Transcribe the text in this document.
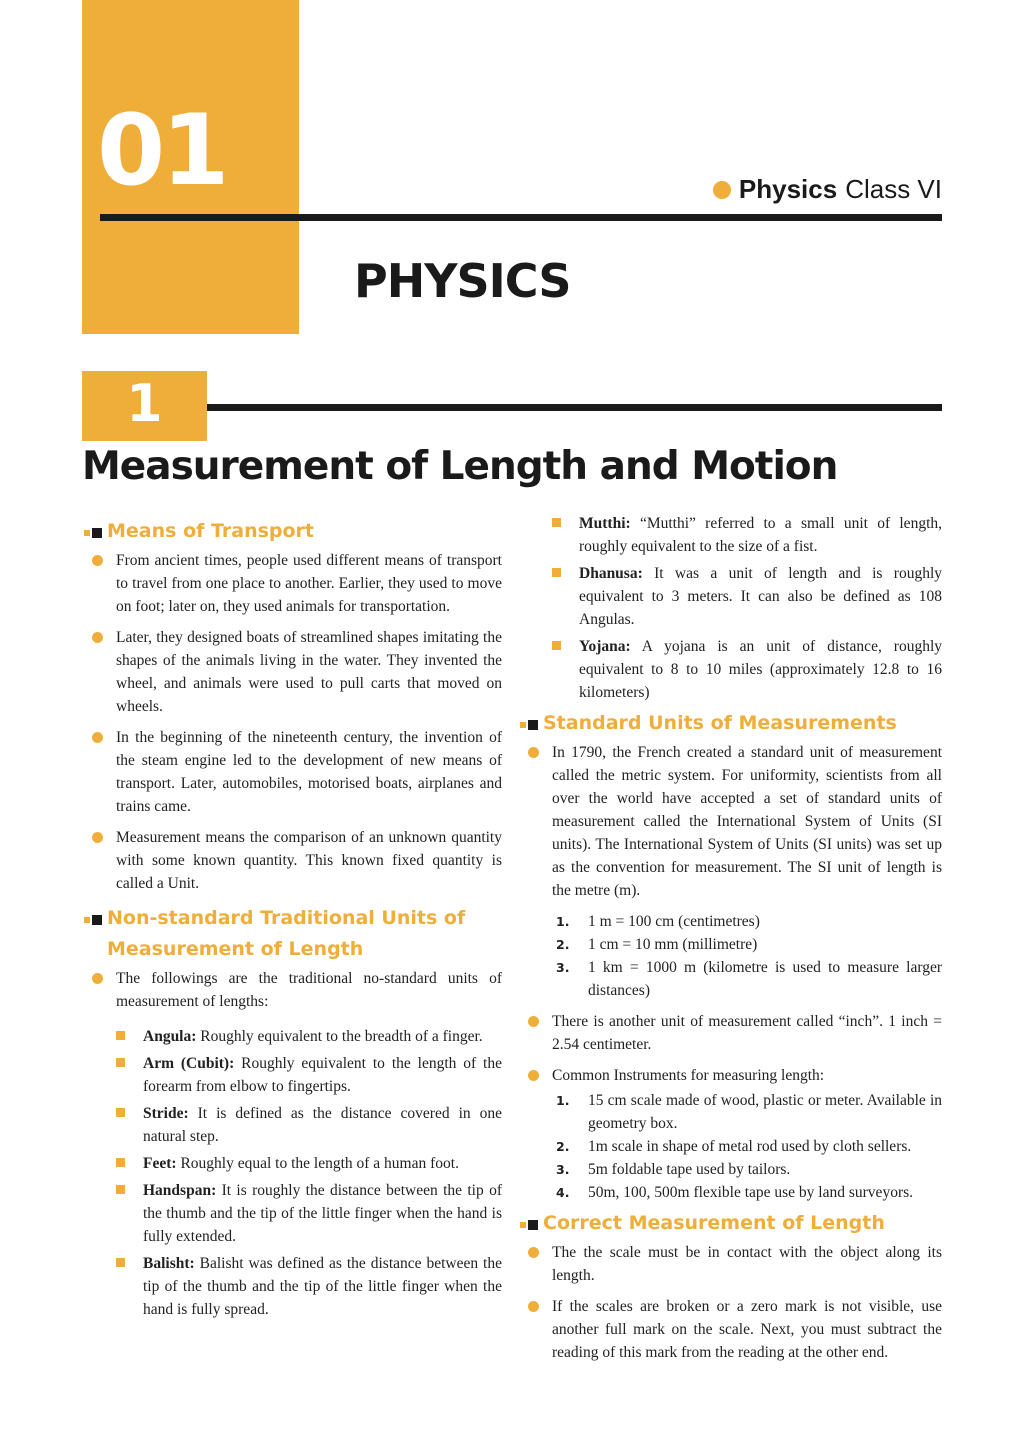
01	Physics Class VI
PHYSICS
1
Measurement of Length and Motion
Means of Transport

From ancient times, people used different means of transport to travel from one place to another. Earlier, they used to move on foot; later on, they used animals for transportation.

Later, they designed boats of streamlined shapes imitating the shapes of the animals living in the water. They invented the wheel, and animals were used to pull carts that moved on wheels.

In the beginning of the nineteenth century, the invention of the steam engine led to the development of new means of transport. Later, automobiles, motorised boats, airplanes and trains came.

Measurement means the comparison of an unknown quantity with some known quantity. This known fixed quantity is called a Unit.

Non-standard Traditional Units of
Measurement of Length

The followings are the traditional no-standard units of measurement of lengths:

Angula: Roughly equivalent to the breadth of a finger.

Arm (Cubit): Roughly equivalent to the length of the forearm from elbow to fingertips.

Stride: It is defined as the distance covered in one natural step.

Feet: Roughly equal to the length of a human foot.

Handspan: It is roughly the distance between the tip of the thumb and the tip of the little finger when the hand is fully extended.

Balisht: Balisht was defined as the distance between the tip of the thumb and the tip of the little finger when the hand is fully spread.

Mutthi: “Mutthi” referred to a small unit of length, roughly equivalent to the size of a fist.

Dhanusa: It was a unit of length and is roughly equivalent to 3 meters. It can also be defined as 108 Angulas.

Yojana: A yojana is an unit of distance, roughly equivalent to 8 to 10 miles (approximately 12.8 to 16 kilometers)

Standard Units of Measurements

In 1790, the French created a standard unit of measurement called the metric system. For uniformity, scientists from all over the world have accepted a set of standard units of measurement called the International System of Units (SI units). The International System of Units (SI units) was set up as the convention for measurement. The SI unit of length is the metre (m).

1. 1 m = 100 cm (centimetres)

2. 1 cm = 10 mm (millimetre)

3. 1 km = 1000 m (kilometre is used to measure larger distances)

There is another unit of measurement called “inch”. 1 inch = 2.54 centimeter.

Common Instruments for measuring length:

1. 15 cm scale made of wood, plastic or meter. Available in geometry box.

2. 1m scale in shape of metal rod used by cloth sellers.

3. 5m foldable tape used by tailors.

4. 50m, 100, 500m flexible tape use by land surveyors.

Correct Measurement of Length

The the scale must be in contact with the object along its length.

If the scales are broken or a zero mark is not visible, use another full mark on the scale. Next, you must subtract the reading of this mark from the reading at the other end.
